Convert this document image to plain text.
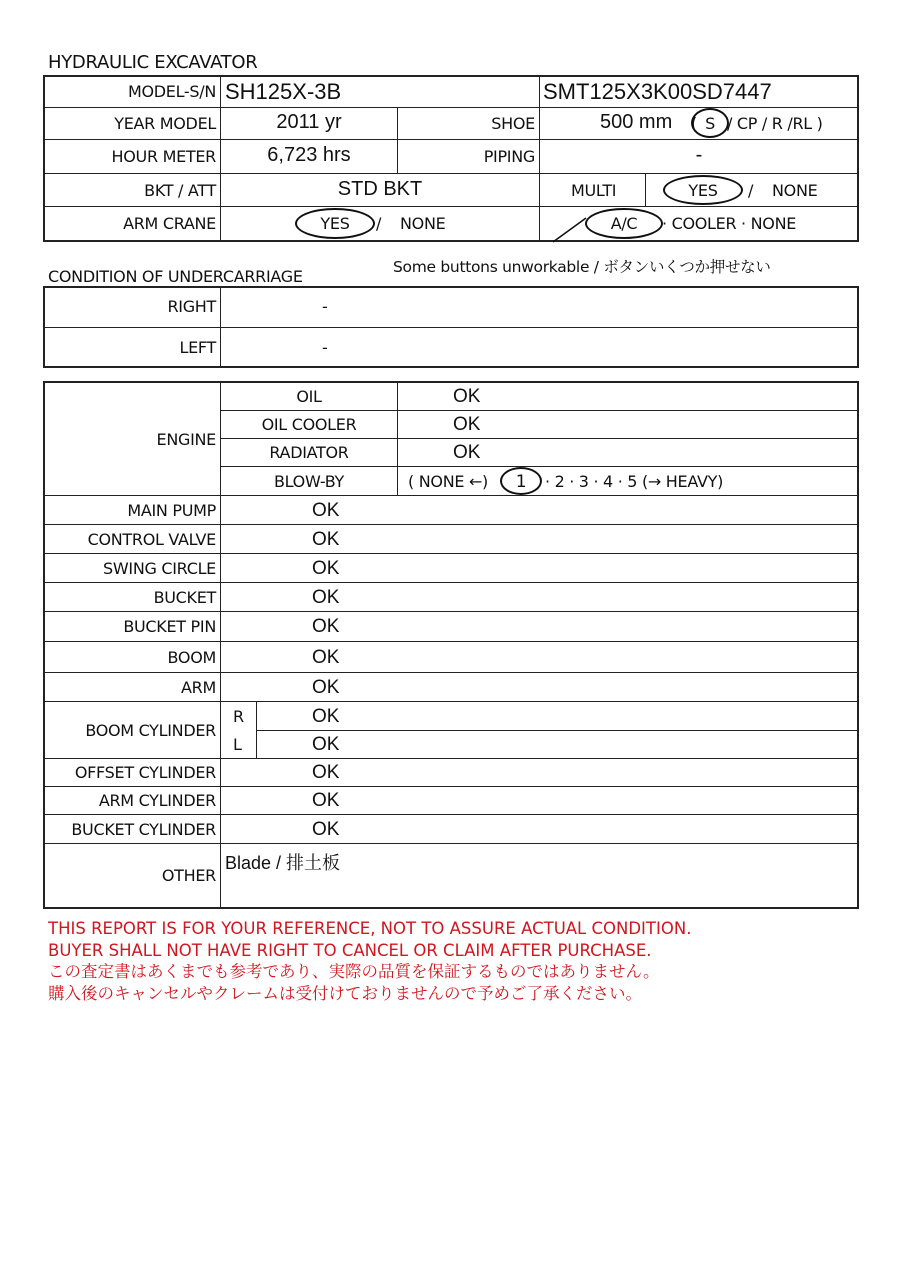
HYDRAULIC EXCAVATOR
MODEL-S/N SH125X-3B	SMT125X3K00SD7447
YEAR MODEL	2011 yr	SHOE	500 mm ( S / CP / R /RL )
HOUR METER	6,723 hrs	PIPING	-
BKT / ATT	STD BKT	MULTI	YES	/ NONE
ARM CRANE	YES	/ NONE	A/C	· COOLER · NONE
Some buttons unworkable / ボタンいくつか押せない
CONDITION OF UNDERCARRIAGE
RIGHT	-
LEFT	-
ENGINE
OIL	OK
OIL COOLER	OK
RADIATOR	OK
BLOW-BY	( NONE ←)	1	· 2 · 3 · 4 · 5 (→ HEAVY)
MAIN PUMP	OK
CONTROL VALVE	OK
SWING CIRCLE	OK
BUCKET	OK
BUCKET PIN	OK
BOOM	OK
ARM	OK
BOOM CYLINDER
R	OK
L	OK
OFFSET CYLINDER	OK
ARM CYLINDER	OK
BUCKET CYLINDER	OK
OTHER
Blade / 排土板
THIS REPORT IS FOR YOUR REFERENCE, NOT TO ASSURE ACTUAL CONDITION.
BUYER SHALL NOT HAVE RIGHT TO CANCEL OR CLAIM AFTER PURCHASE.
この査定書はあくまでも参考であり、実際の品質を保証するものではありません。
購入後のキャンセルやクレームは受付けておりませんので予めご了承ください。
